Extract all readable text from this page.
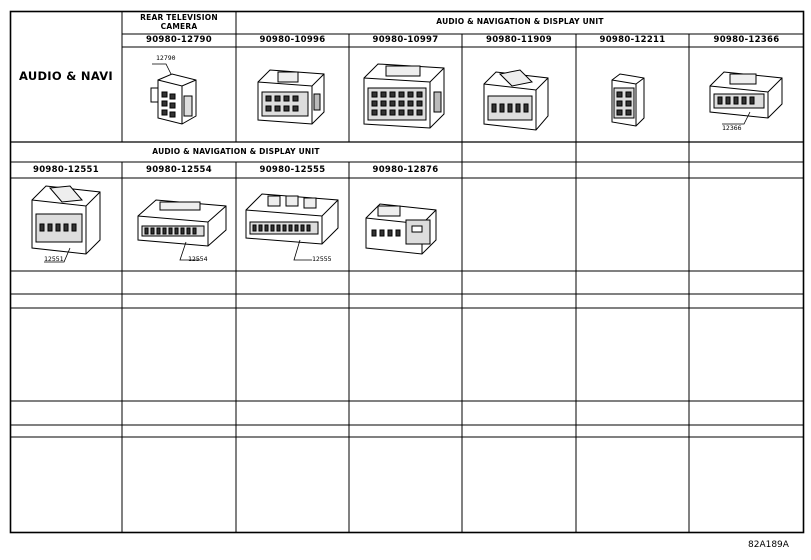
AUDIO & NAVI
REAR TELEVISION
CAMERA
AUDIO & NAVIGATION & DISPLAY UNIT
90980-12790	90980-10996	90980-10997	90980-11909	90980-12211	90980-12366
AUDIO & NAVIGATION & DISPLAY UNIT
90980-12551	90980-12554	90980-12555	90980-12876
12790
12366
12551	12554	12555
82A189A
